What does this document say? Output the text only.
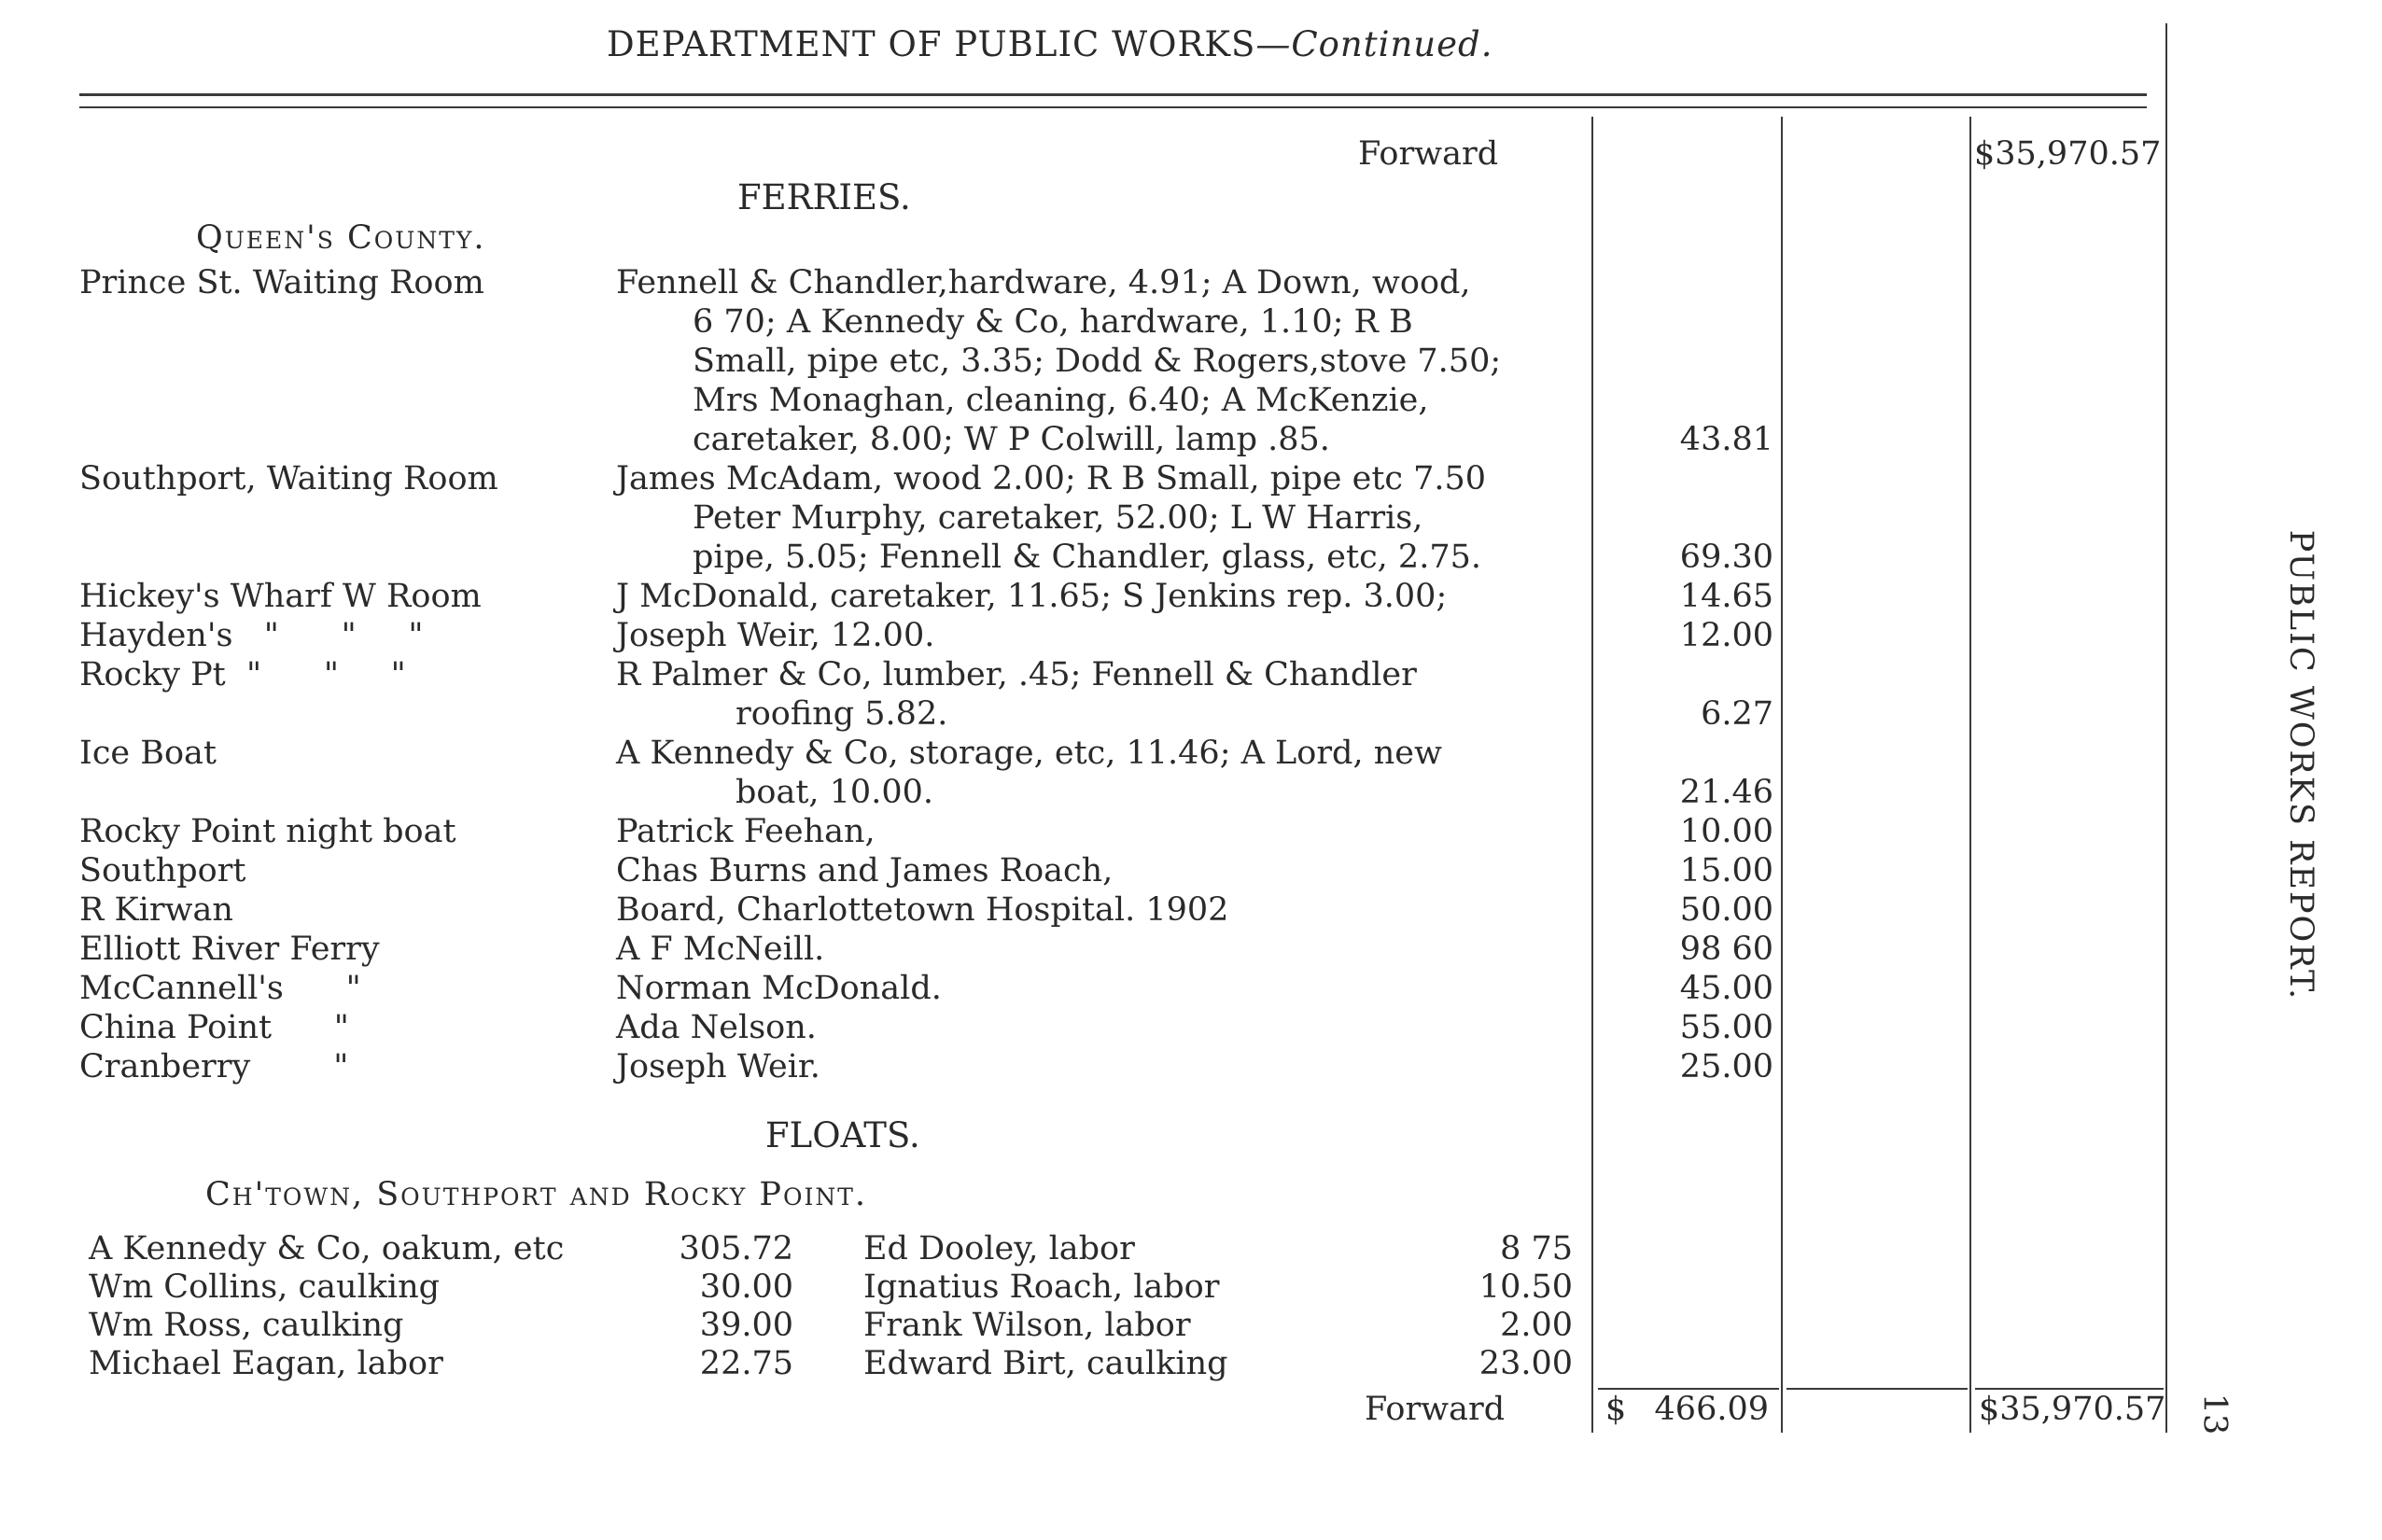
DEPARTMENT OF PUBLIC WORKS—Continued.
Forward	$35,970.57
FERRIES.
Queen's County.
Prince St. Waiting Room	Fennell & Chandler,hardware, 4.91; A Down, wood,
6 70; A Kennedy & Co, hardware, 1.10; R B
Small, pipe etc, 3.35; Dodd & Rogers,stove 7.50;
Mrs Monaghan, cleaning, 6.40; A McKenzie,
caretaker, 8.00; W P Colwill, lamp .85.	43.81
Southport, Waiting Room	James McAdam, wood 2.00; R B Small, pipe etc 7.50
Peter Murphy, caretaker, 52.00; L W Harris,
pipe, 5.05; Fennell & Chandler, glass, etc, 2.75.	69.30
Hickey's Wharf W Room	J McDonald, caretaker, 11.65; S Jenkins rep. 3.00;	14.65
Hayden's   "      "     "	Joseph Weir, 12.00.	12.00
Rocky Pt  "      "     "	R Palmer & Co, lumber, .45; Fennell & Chandler
roofing 5.82.	6.27
Ice Boat	A Kennedy & Co, storage, etc, 11.46; A Lord, new
boat, 10.00.	21.46
Rocky Point night boat	Patrick Feehan,	10.00
Southport	Chas Burns and James Roach,	15.00
R Kirwan	Board, Charlottetown Hospital. 1902	50.00
Elliott River Ferry	A F McNeill.	98 60
McCannell's      "	Norman McDonald.	45.00
China Point      "	Ada Nelson.	55.00
Cranberry        "	Joseph Weir.	25.00
FLOATS.
Ch'town, Southport and Rocky Point.
A Kennedy & Co, oakum, etc	305.72 Ed Dooley, labor	8 75
Wm Collins, caulking	30.00 Ignatius Roach, labor	10.50
Wm Ross, caulking	39.00 Frank Wilson, labor	2.00
Michael Eagan, labor	22.75 Edward Birt, caulking	23.00
Forward	$ 466.09	$35,970.57
PUBLIC WORKS REPORT.
13
